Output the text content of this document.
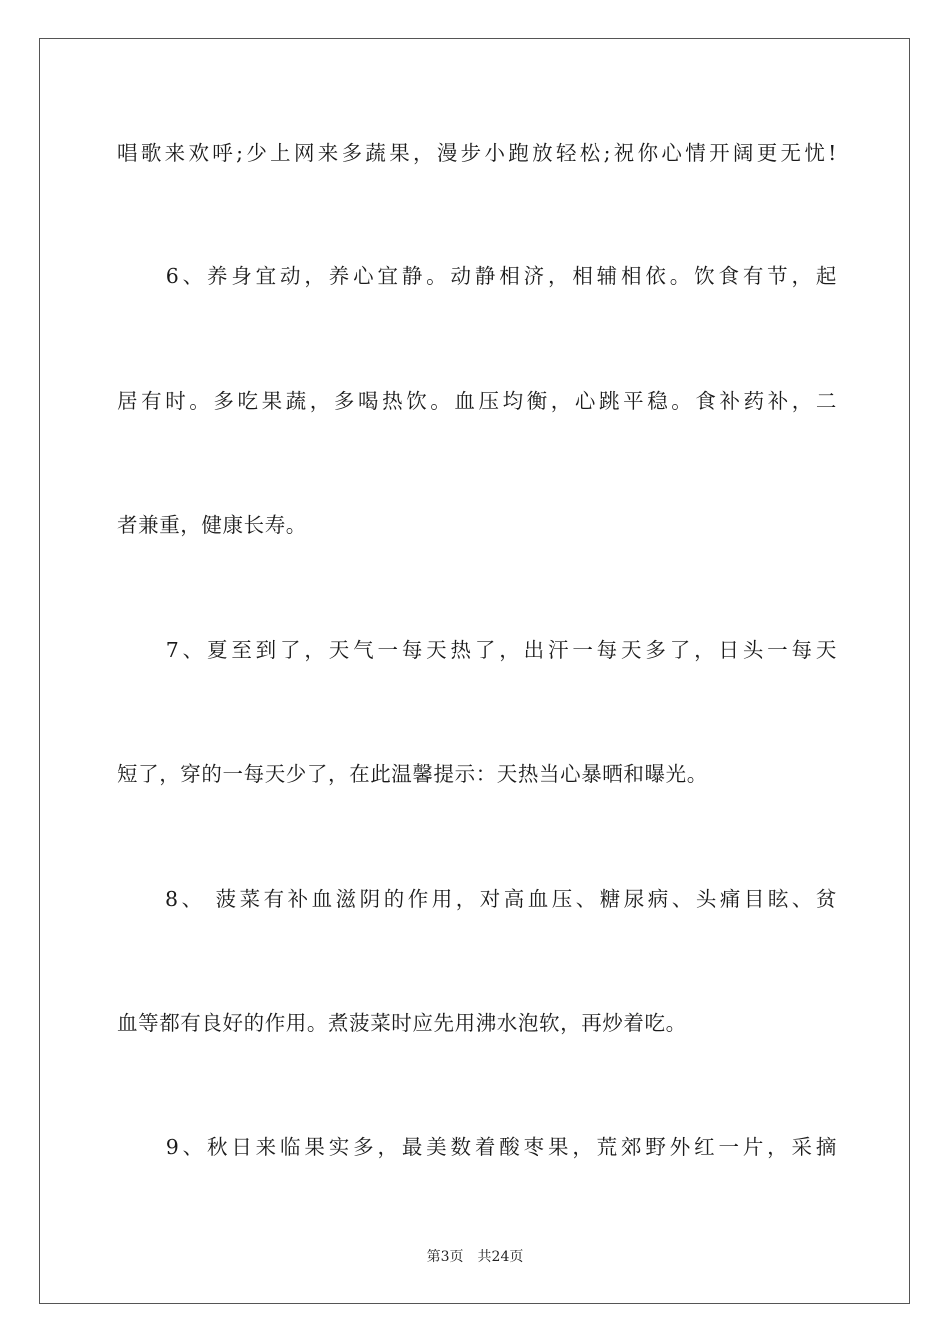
唱歌来欢呼;少上网来多蔬果，漫步小跑放轻松;祝你心情开阔更无忧!
　　6、养身宜动，养心宜静。动静相济，相辅相依。饮食有节，起
居有时。多吃果蔬，多喝热饮。血压均衡，心跳平稳。食补药补，二
者兼重，健康长寿。
　　7、夏至到了，天气一每天热了，出汗一每天多了，日头一每天
短了，穿的一每天少了，在此温馨提示：天热当心暴晒和曝光。
　　8、 菠菜有补血滋阴的作用，对高血压、糖尿病、头痛目眩、贫
血等都有良好的作用。煮菠菜时应先用沸水泡软，再炒着吃。
　　9、秋日来临果实多，最美数着酸枣果，荒郊野外红一片，采摘
第3页 共24页
